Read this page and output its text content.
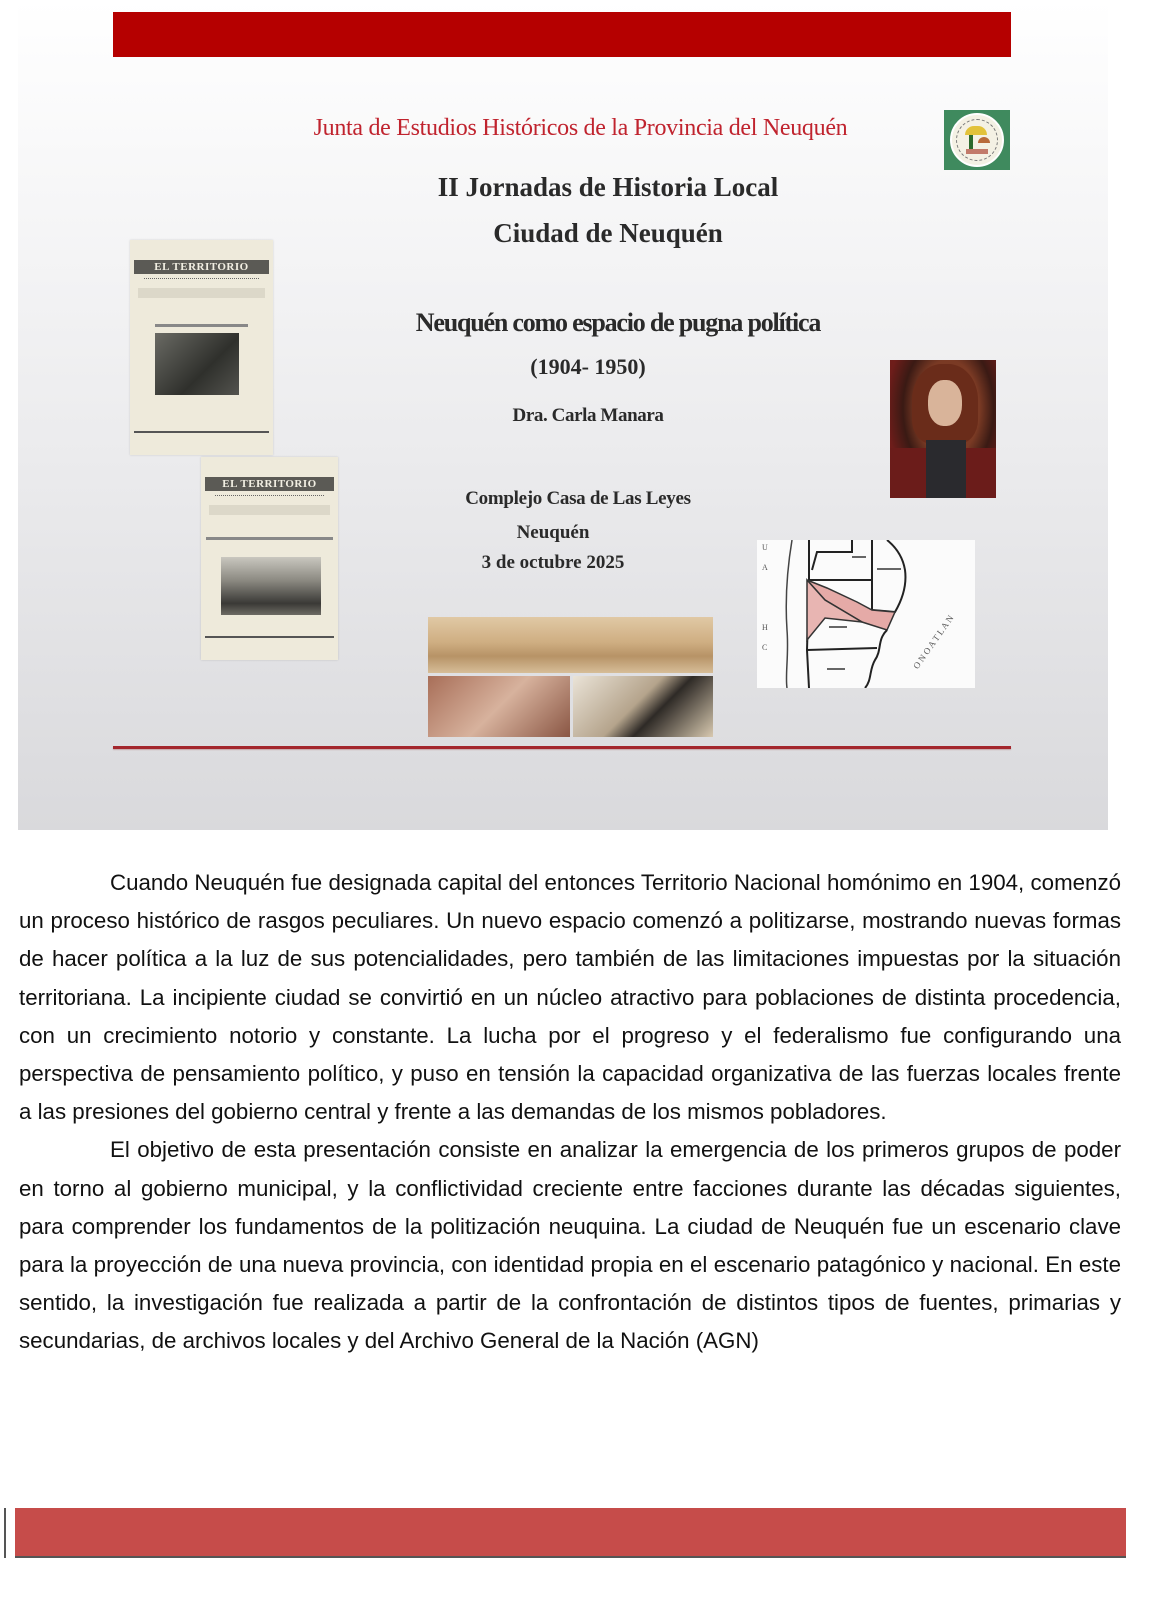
Junta de Estudios Históricos de la Provincia del Neuquén
II Jornadas de Historia Local
Ciudad de Neuquén
EL TERRITORIO
EL TERRITORIO
Neuquén como espacio de pugna política
(1904- 1950)
Dra. Carla Manara
Complejo Casa de Las Leyes
Neuquén
3 de octubre 2025
O N O A T L A N
U
A
H
C

Cuando Neuquén fue designada capital del entonces Territorio Nacional homónimo en 1904, comenzó un proceso histórico de rasgos peculiares. Un nuevo espacio comenzó a politizarse, mostrando nuevas formas de hacer política a la luz de sus potencialidades, pero también de las limitaciones impuestas por la situación territoriana. La incipiente ciudad se convirtió en un núcleo atractivo para poblaciones de distinta procedencia, con un crecimiento notorio y constante. La lucha por el progreso y el federalismo fue configurando una perspectiva de pensamiento político, y puso en tensión la capacidad organizativa de las fuerzas locales frente a las presiones del gobierno central y frente a las demandas de los mismos pobladores.

El objetivo de esta presentación consiste en analizar la emergencia de los primeros grupos de poder en torno al gobierno municipal, y la conflictividad creciente entre facciones durante las décadas siguientes, para comprender los fundamentos de la politización neuquina. La ciudad de Neuquén fue un escenario clave para la proyección de una nueva provincia, con identidad propia en el escenario patagónico y nacional. En este sentido, la investigación fue realizada a partir de la confrontación de distintos tipos de fuentes, primarias y secundarias, de archivos locales y del Archivo General de la Nación (AGN)
